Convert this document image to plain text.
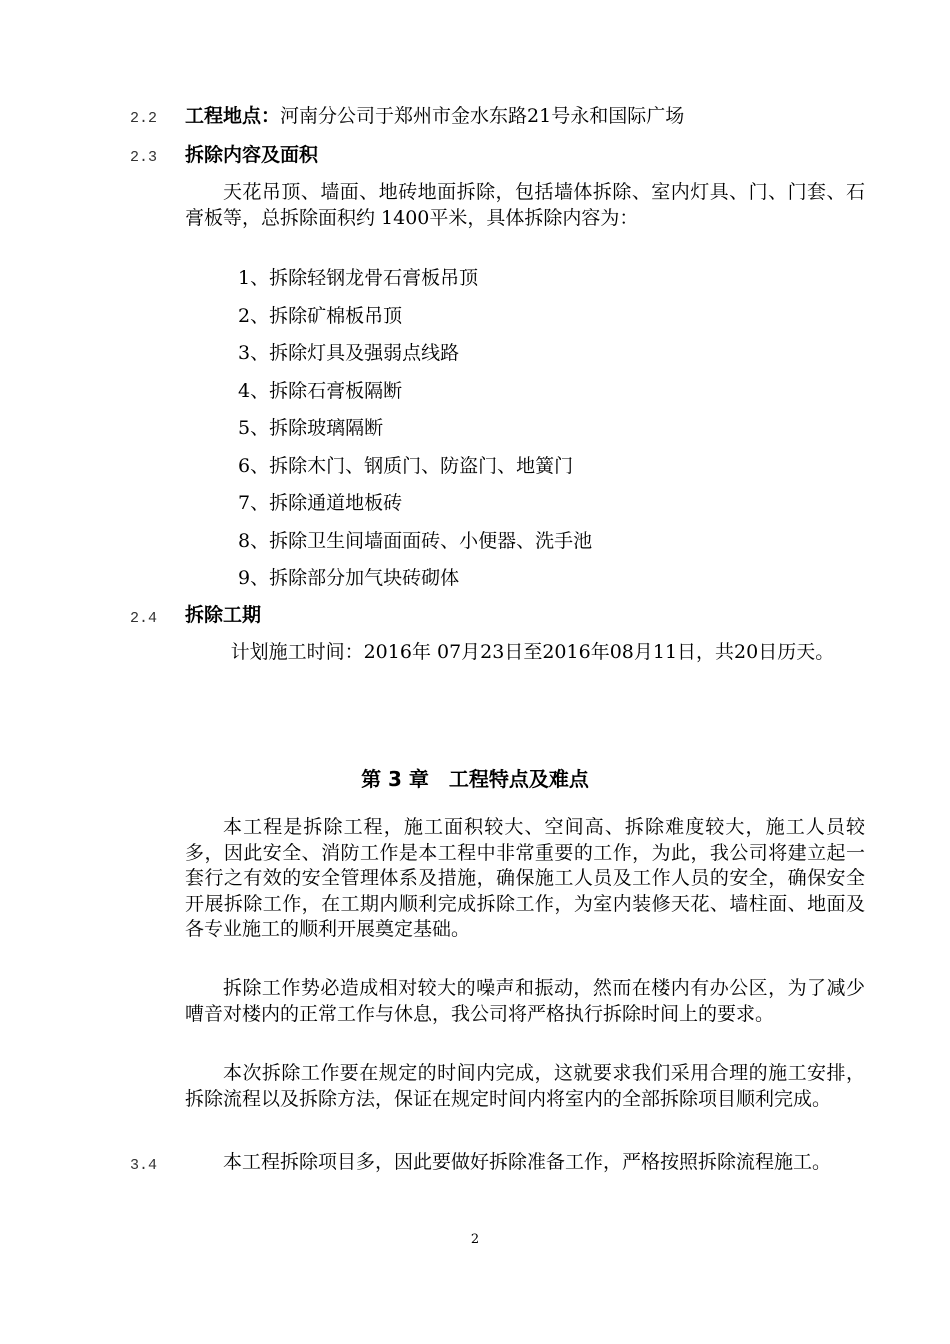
2.2 工程地点：河南分公司于郑州市金水东路21号永和国际广场
2.3 拆除内容及面积

天花吊顶、墙面、地砖地面拆除，包括墙体拆除、室内灯具、门、门套、石膏板等，总拆除面积约 1400平米，具体拆除内容为：

1、拆除轻钢龙骨石膏板吊顶
2、拆除矿棉板吊顶
3、拆除灯具及强弱点线路
4、拆除石膏板隔断
5、拆除玻璃隔断
6、拆除木门、钢质门、防盗门、地簧门
7、拆除通道地板砖
8、拆除卫生间墙面面砖、小便器、洗手池
9、拆除部分加气块砖砌体
2.4 拆除工期

计划施工时间：2016年 07月23日至2016年08月11日，共20日历天。

第 3 章　工程特点及难点

本工程是拆除工程，施工面积较大、空间高、拆除难度较大，施工人员较多，因此安全、消防工作是本工程中非常重要的工作，为此，我公司将建立起一套行之有效的安全管理体系及措施，确保施工人员及工作人员的安全，确保安全开展拆除工作，在工期内顺利完成拆除工作，为室内装修天花、墙柱面、地面及各专业施工的顺利开展奠定基础。

拆除工作势必造成相对较大的噪声和振动，然而在楼内有办公区，为了减少嘈音对楼内的正常工作与休息，我公司将严格执行拆除时间上的要求。

本次拆除工作要在规定的时间内完成，这就要求我们采用合理的施工安排，拆除流程以及拆除方法，保证在规定时间内将室内的全部拆除项目顺利完成。

3.4	本工程拆除项目多，因此要做好拆除准备工作，严格按照拆除流程施工。

2
